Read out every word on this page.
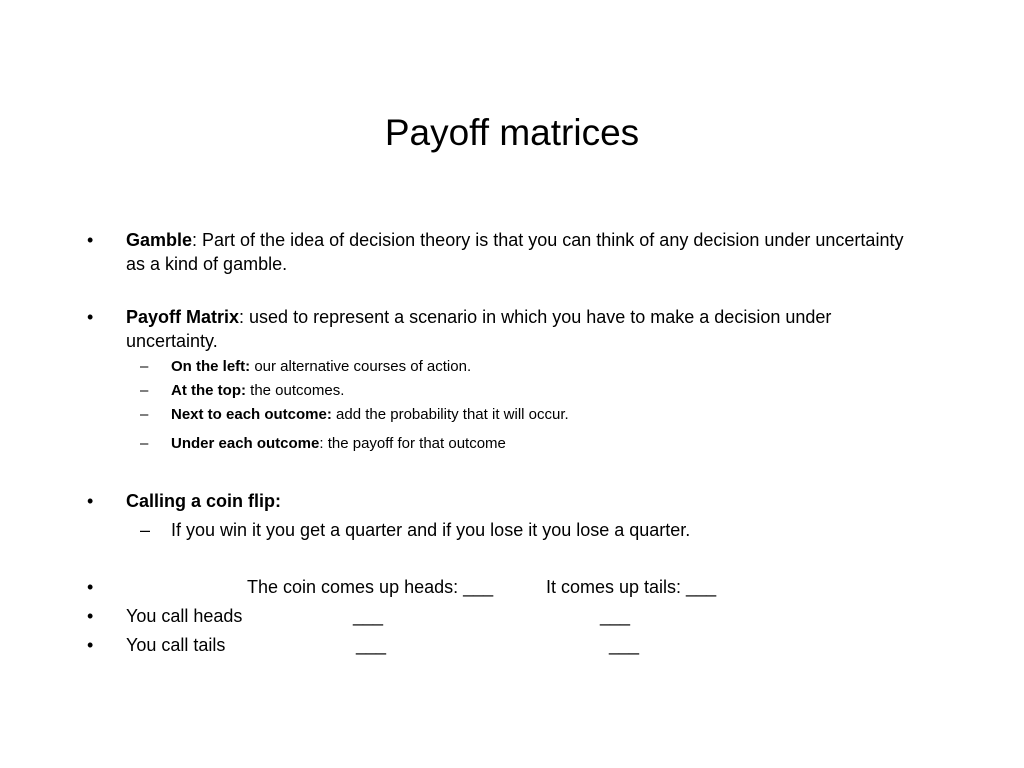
Payoff matrices
• Gamble: Part of the idea of decision theory is that you can think of any decision under uncertainty as a kind of gamble.
• Payoff Matrix: used to represent a scenario in which you have to make a decision under uncertainty.
– On the left: our alternative courses of action.
– At the top: the outcomes.
– Next to each outcome: add the probability that it will occur.
– Under each outcome: the payoff for that outcome
• Calling a coin flip:
– If you win it you get a quarter and if you lose it you lose a quarter.
•	The coin comes up heads: ___	It comes up tails: ___
• You call heads	___	___
• You call tails	___	___
